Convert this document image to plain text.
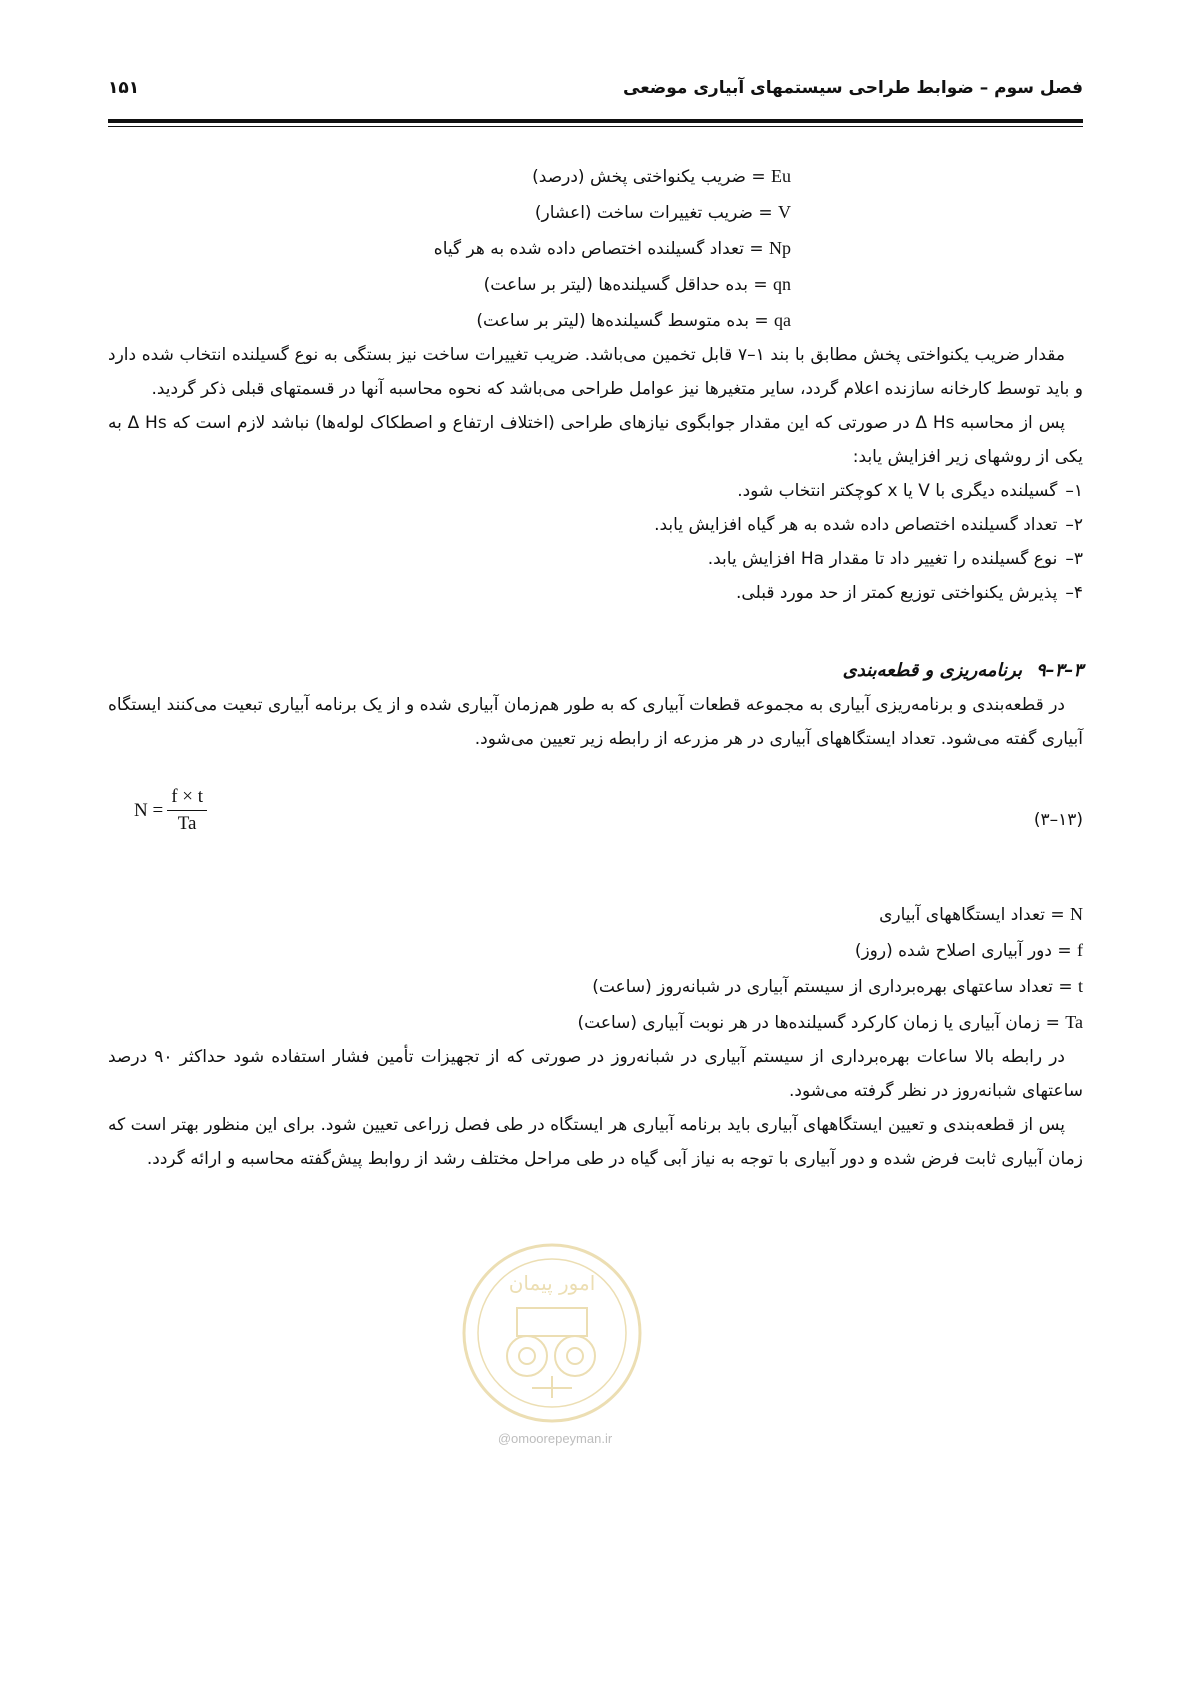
فصل سوم – ضوابط طراحی سیستمهای آبیاری موضعی
۱۵۱
Eu = ضریب یکنواختی پخش (درصد)
V = ضریب تغییرات ساخت (اعشار)
Np = تعداد گسیلنده اختصاص داده شده به هر گیاه
qn = بده حداقل گسیلنده‌ها (لیتر بر ساعت)
qa = بده متوسط گسیلنده‌ها (لیتر بر ساعت)

مقدار ضریب یکنواختی پخش مطابق با بند ۱–۷ قابل تخمین می‌باشد. ضریب تغییرات ساخت نیز بستگی به نوع گسیلنده انتخاب شده دارد و باید توسط کارخانه سازنده اعلام گردد، سایر متغیرها نیز عوامل طراحی می‌باشد که نحوه محاسبه آنها در قسمتهای قبلی ذکر گردید.

پس از محاسبه Δ Hs در صورتی که این مقدار جوابگوی نیازهای طراحی (اختلاف ارتفاع و اصطکاک لوله‌ها) نباشد لازم است که Δ Hs به یکی از روشهای زیر افزایش یابد:

۱–گسیلنده دیگری با V یا x کوچکتر انتخاب شود.
۲–تعداد گسیلنده اختصاص داده شده به هر گیاه افزایش یابد.
۳–نوع گسیلنده را تغییر داد تا مقدار Ha افزایش یابد.
۴–پذیرش یکنواختی توزیع کمتر از حد مورد قبلی.
۳–۳–۹برنامه‌ریزی و قطعه‌بندی

در قطعه‌بندی و برنامه‌ریزی آبیاری به مجموعه قطعات آبیاری که به طور هم‌زمان آبیاری شده و از یک برنامه آبیاری تبعیت می‌کنند ایستگاه آبیاری گفته می‌شود. تعداد ایستگاههای آبیاری در هر مزرعه از رابطه زیر تعیین می‌شود.

(۱۳–۳)
$N = \frac{f \times t}{Ta}$
N = تعداد ایستگاههای آبیاری
f = دور آبیاری اصلاح شده (روز)
t = تعداد ساعتهای بهره‌برداری از سیستم آبیاری در شبانه‌روز (ساعت)
Ta = زمان آبیاری یا زمان کارکرد گسیلنده‌ها در هر نوبت آبیاری (ساعت)

در رابطه بالا ساعات بهره‌برداری از سیستم آبیاری در شبانه‌روز در صورتی که از تجهیزات تأمین فشار استفاده شود حداکثر ۹۰ درصد ساعتهای شبانه‌روز در نظر گرفته می‌شود.

پس از قطعه‌بندی و تعیین ایستگاههای آبیاری باید برنامه آبیاری هر ایستگاه در طی فصل زراعی تعیین شود. برای این منظور بهتر است که زمان آبیاری ثابت فرض شده و دور آبیاری با توجه به نیاز آبی گیاه در طی مراحل مختلف رشد از روابط پیش‌گفته محاسبه و ارائه گردد.

امور پیمان
@omoorepeyman.ir
